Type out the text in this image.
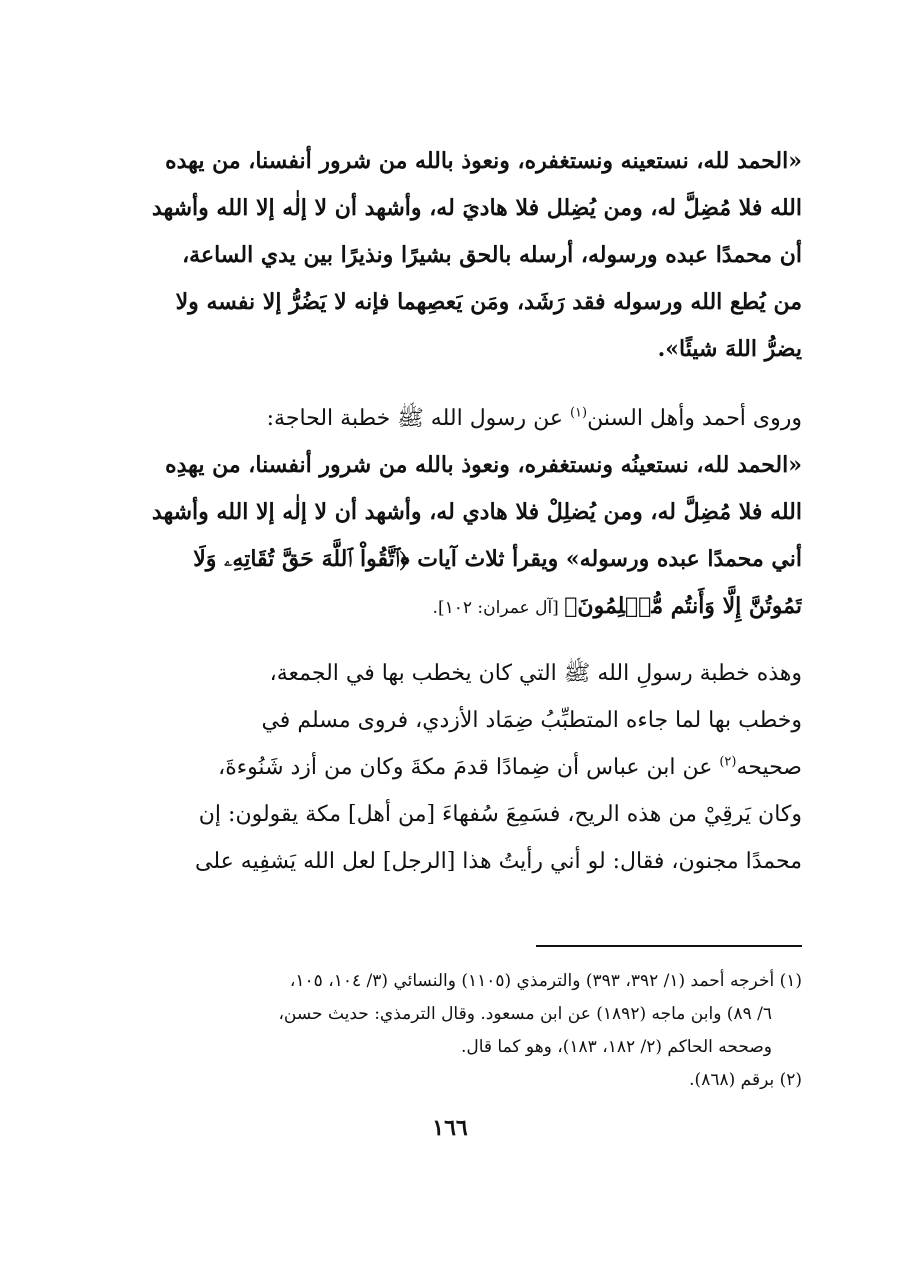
«الحمد لله، نستعينه ونستغفره، ونعوذ بالله من شرور أنفسنا، من يهده
الله فلا مُضِلَّ له، ومن يُضِلل فلا هاديَ له، وأشهد أن لا إلٰه إلا الله وأشهد
أن محمدًا عبده ورسوله، أرسله بالحق بشيرًا ونذيرًا بين يدي الساعة،
من يُطع الله ورسوله فقد رَشَد، ومَن يَعصِهما فإنه لا يَضُرُّ إلا نفسه ولا
يضرُّ اللهَ شيئًا».

وروى أحمد وأهل السنن$^{(١)}$ عن رسول الله ﷺ خطبة الحاجة:
«الحمد لله، نستعينُه ونستغفره، ونعوذ بالله من شرور أنفسنا، من يهدِه
الله فلا مُضِلَّ له، ومن يُضلِلْ فلا هادي له، وأشهد أن لا إلٰه إلا الله وأشهد
أني محمدًا عبده ورسوله» ويقرأ ثلاث آيات ﴿ٱتَّقُواْ ٱللَّهَ حَقَّ تُقَاتِهِۦ وَلَا
تَمُوتُنَّ إِلَّا وَأَنتُم مُّسۡلِمُونَ﴾ [آل عمران: ١٠٢].

وهذه خطبة رسولِ الله ﷺ التي كان يخطب بها في الجمعة،
وخطب بها لما جاءه المتطبِّبُ ضِمَاد الأزدي، فروى مسلم في
صحيحه$^{(٢)}$ عن ابن عباس أن ضِمادًا قدمَ مكةَ وكان من أزد شَنُوءةَ،
وكان يَرقِيْ من هذه الريح، فسَمِعَ سُفهاءَ [من أهل] مكة يقولون: إن
محمدًا مجنون، فقال: لو أني رأيتُ هذا [الرجل] لعل الله يَشفِيه على

(١) أخرجه أحمد (١/ ٣٩٢، ٣٩٣) والترمذي (١١٠٥) والنسائي (٣/ ١٠٤، ١٠٥،
٦/ ٨٩) وابن ماجه (١٨٩٢) عن ابن مسعود. وقال الترمذي: حديث حسن،
وصححه الحاكم (٢/ ١٨٢، ١٨٣)، وهو كما قال.
(٢) برقم (٨٦٨).
١٦٦
